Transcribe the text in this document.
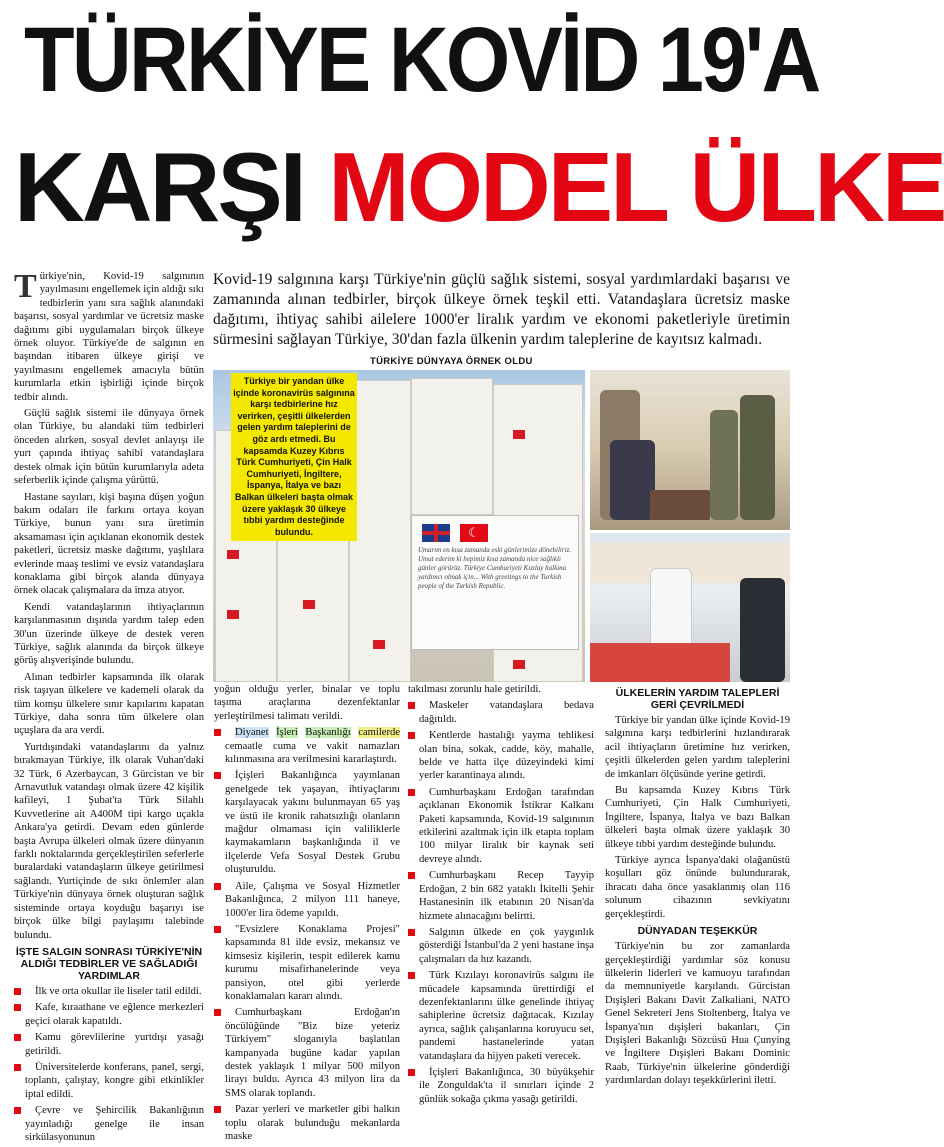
TÜRKİYE KOVİD 19'A
KARŞI MODEL ÜLKE
Kovid-19 salgınına karşı Türkiye'nin güçlü sağlık sistemi, sosyal yardımlardaki başarısı ve zamanında alınan tedbirler, birçok ülkeye örnek teşkil etti. Vatandaşlara ücretsiz maske dağıtımı, ihtiyaç sahibi ailelere 1000'er liralık yardım ve ekonomi paketleriyle üretimin sürmesini sağlayan Türkiye, 30'dan fazla ülkenin yardım taleplerine de kayıtsız kalmadı.

Türkiye'nin, Kovid-19 salgınının yayılmasını engellemek için aldığı sıkı tedbirlerin yanı sıra sağlık alanındaki başarısı, sosyal yardımlar ve ücretsiz maske dağıtımı gibi uygulamaları birçok ülkeye örnek oluyor. Türkiye'de de salgının en başından itibaren ülkeye girişi ve yayılmasını engellemek amacıyla bütün kurumlarla etkin işbirliği içinde birçok tedbir alındı.

Güçlü sağlık sistemi ile dünyaya örnek olan Türkiye, bu alandaki tüm tedbirleri önceden alırken, sosyal devlet anlayışı ile yurt çapında ihtiyaç sahibi vatandaşlara destek olmak için bütün kurumlarıyla adeta seferberlik içinde çalışma yürüttü.

Hastane sayıları, kişi başına düşen yoğun bakım odaları ile farkını ortaya koyan Türkiye, bunun yanı sıra üretimin aksamaması için açıklanan ekonomik destek paketleri, ücretsiz maske dağıtımı, yaşlılara evlerinde maaş teslimi ve evsiz vatandaşlara konaklama gibi birçok alanda dünyaya örnek olacak çalışmalara da imza atıyor.

Kendi vatandaşlarının ihtiyaçlarının karşılanmasının dışında yardım talep eden 30'un üzerinde ülkeye de destek veren Türkiye, sağlık alanında da birçok ülkeye görüş alışverişinde bulundu.

Alınan tedbirler kapsamında ilk olarak risk taşıyan ülkelere ve kademeli olarak da tüm komşu ülkelere sınır kapılarını kapatan Türkiye, daha sonra tüm ülkelere olan uçuşlara da ara verdi.

Yurtdışındaki vatandaşlarını da yalnız bırakmayan Türkiye, ilk olarak Vuhan'daki 32 Türk, 6 Azerbaycan, 3 Gürcistan ve bir Arnavutluk vatandaşı olmak üzere 42 kişilik kafileyi, 1 Şubat'ta Türk Silahlı Kuvvetlerine ait A400M tipi kargo uçakla Ankara'ya getirdi. Devam eden günlerde başta Avrupa ülkeleri olmak üzere dünyanın farklı noktalarında gerçekleştirilen seferlerle buralardaki vatandaşların ülkeye getirilmesi sağlandı. Yurtiçinde de sıkı önlemler alan Türkiye'nin dünyaya örnek oluşturan sağlık sisteminde ortaya koyduğu başarıyı ise birçok ülke bilgi paylaşımı talebinde bulundu.

İŞTE SALGIN SONRASI TÜRKİYE'NİN ALDIĞI TEDBİRLER VE SAĞLADIĞI YARDIMLAR

İlk ve orta okullar ile liseler tatil edildi.

Kafe, kıraathane ve eğlence merkezleri geçici olarak kapatıldı.

Kamu görevlilerine yurtdışı yasağı getirildi.

Üniversitelerde konferans, panel, sergi, toplantı, çalıştay, kongre gibi etkinlikler iptal edildi.

Çevre ve Şehircilik Bakanlığının yayınladığı genelge ile insan sirkülasyonunun

TÜRKİYE DÜNYAYA ÖRNEK OLDU
Türkiye bir yandan ülke içinde koronavirüs salgınına karşı tedbirlerine hız verirken, çeşitli ülkelerden gelen yardım taleplerini de göz ardı etmedi. Bu kapsamda Kuzey Kıbrıs Türk Cumhuriyeti, Çin Halk Cumhuriyeti, İngiltere, İspanya, İtalya ve bazı Balkan ülkeleri başta olmak üzere yaklaşık 30 ülkeye tıbbi yardım desteğinde bulundu.	☾
Umarım en kısa zamanda eski günlerimize dönebiliriz. Umut ederim ki hepimiz kısa zamanda nice sağlıklı günler görürüz. Türkiye Cumhuriyeti Kızılay halkına yardımcı olmak için... With greetings to the Turkish people of the Turkish Republic.

yoğun olduğu yerler, binalar ve toplu taşıma araçlarına dezenfektanlar yerleştirilmesi talimatı verildi.

Diyanet İşleri Başkanlığı camilerde cemaatle cuma ve vakit namazları kılınmasına ara verilmesini kararlaştırdı.

İçişleri Bakanlığınca yayınlanan genelgede tek yaşayan, ihtiyaçlarını karşılayacak yakını bulunmayan 65 yaş ve üstü ile kronik rahatsızlığı olanların mağdur olmaması için valiliklerle kaymakamların başkanlığında il ve ilçelerde Vefa Sosyal Destek Grubu oluşturuldu.

Aile, Çalışma ve Sosyal Hizmetler Bakanlığınca, 2 milyon 111 haneye, 1000'er lira ödeme yapıldı.

"Evsizlere Konaklama Projesi" kapsamında 81 ilde evsiz, mekansız ve kimsesiz kişilerin, tespit edilerek kamu kurumu misafirhanelerinde veya pansiyon, otel gibi yerlerde konaklamaları kararı alındı.

Cumhurbaşkanı Erdoğan'ın öncülüğünde "Biz bize yeteriz Türkiyem" sloganıyla başlatılan kampanyada bugüne kadar yapılan destek yaklaşık 1 milyar 500 milyon lirayı buldu. Ayrıca 43 milyon lira da SMS olarak toplandı.

Pazar yerleri ve marketler gibi halkın toplu olarak bulunduğu mekanlarda maske

takılması zorunlu hale getirildi.

Maskeler vatandaşlara bedava dağıtıldı.

Kentlerde hastalığı yayma tehlikesi olan bina, sokak, cadde, köy, mahalle, belde ve hatta ilçe düzeyindeki kimi yerler karantinaya alındı.

Cumhurbaşkanı Erdoğan tarafından açıklanan Ekonomik İstikrar Kalkanı Paketi kapsamında, Kovid-19 salgınının etkilerini azaltmak için ilk etapta toplam 100 milyar liralık bir kaynak seti devreye alındı.

Cumhurbaşkanı Recep Tayyip Erdoğan, 2 bin 682 yataklı İkitelli Şehir Hastanesinin ilk etabının 20 Nisan'da hizmete alınacağını belirtti.

Salgının ülkede en çok yaygınlık gösterdiği İstanbul'da 2 yeni hastane inşa çalışmaları da hız kazandı.

Türk Kızılayı koronavirüs salgını ile mücadele kapsamında ürettirdiği el dezenfektanlarını ülke genelinde ihtiyaç sahiplerine ücretsiz dağıtacak. Kızılay ayrıca, sağlık çalışanlarına koruyucu set, pandemi hastanelerinde yatan vatandaşlara da hijyen paketi verecek.

İçişleri Bakanlığınca, 30 büyükşehir ile Zonguldak'ta il sınırları içinde 2 günlük sokağa çıkma yasağı getirildi.

ÜLKELERİN YARDIM TALEPLERİ GERİ ÇEVRİLMEDİ

Türkiye bir yandan ülke içinde Kovid-19 salgınına karşı tedbirlerini hızlandırarak acil ihtiyaçların üretimine hız verirken, çeşitli ülkelerden gelen yardım taleplerini de imkanları ölçüsünde yerine getirdi.

Bu kapsamda Kuzey Kıbrıs Türk Cumhuriyeti, Çin Halk Cumhuriyeti, İngiltere, İspanya, İtalya ve bazı Balkan ülkeleri başta olmak üzere yaklaşık 30 ülkeye tıbbi yardım desteğinde bulundu.

Türkiye ayrıca İspanya'daki olağanüstü koşulları göz önünde bulundurarak, ihracatı daha önce yasaklanmış olan 116 solunum cihazının sevkiyatını gerçekleştirdi.

DÜNYADAN TEŞEKKÜR

Türkiye'nin bu zor zamanlarda gerçekleştirdiği yardımlar söz konusu ülkelerin liderleri ve kamuoyu tarafından da memnuniyetle karşılandı. Gürcistan Dışişleri Bakanı Davit Zalkaliani, NATO Genel Sekreteri Jens Stoltenberg, İtalya ve İspanya'nın dışişleri bakanları, Çin Dışişleri Bakanlığı Sözcüsü Hua Çunying ve İngiltere Dışişleri Bakanı Dominic Raab, Türkiye'nin ülkelerine gönderdiği yardımlardan dolayı teşekkürlerini iletti.
